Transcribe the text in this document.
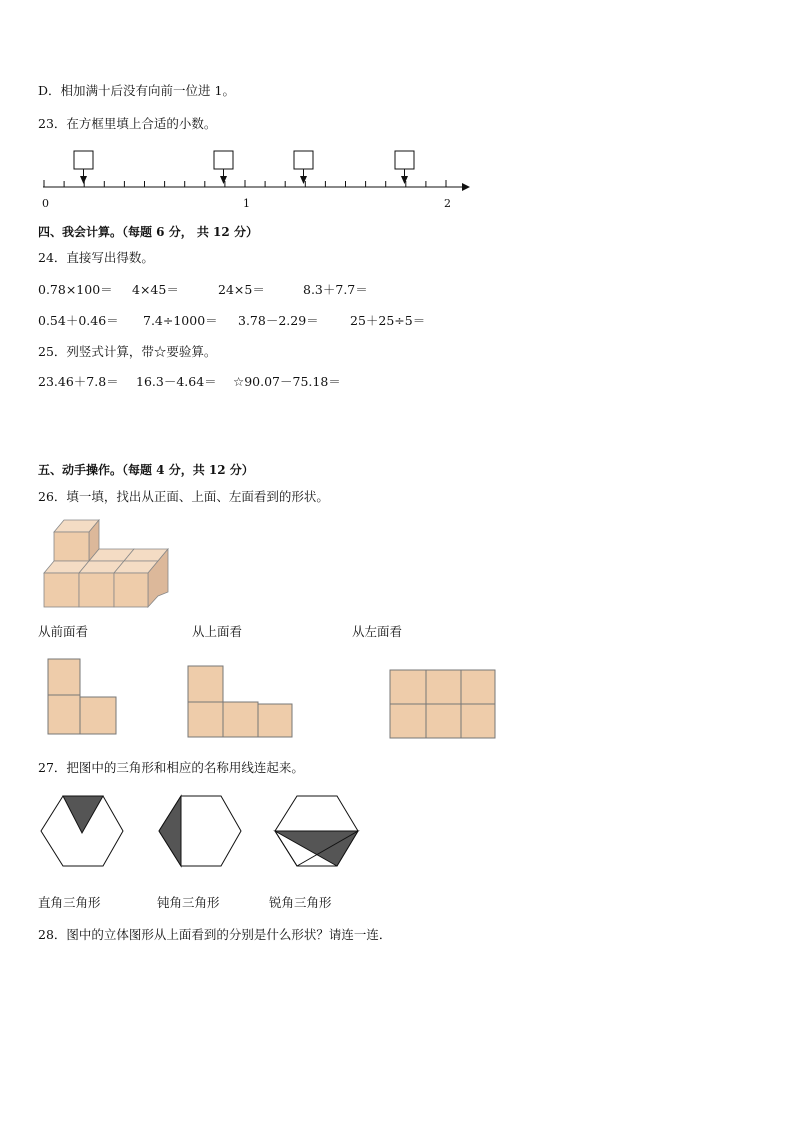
D．相加满十后没有向前一位进 1。
23．在方框里填上合适的小数。
0	1	2
四、我会计算。（每题 6 分， 共 12 分）
24．直接写出得数。
0.78×100＝ 4×45＝	24×5＝	8.3＋7.7＝
0.54＋0.46＝ 7.4÷1000＝ 3.78－2.29＝	25＋25÷5＝
25．列竖式计算，带☆要验算。
23.46＋7.8＝ 16.3－4.64＝ ☆90.07－75.18＝
五、动手操作。（每题 4 分，共 12 分）
26．填一填，找出从正面、上面、左面看到的形状。
从前面看	从上面看	从左面看
27．把图中的三角形和相应的名称用线连起来。
直角三角形	钝角三角形	锐角三角形
28．图中的立体图形从上面看到的分别是什么形状？请连一连．
